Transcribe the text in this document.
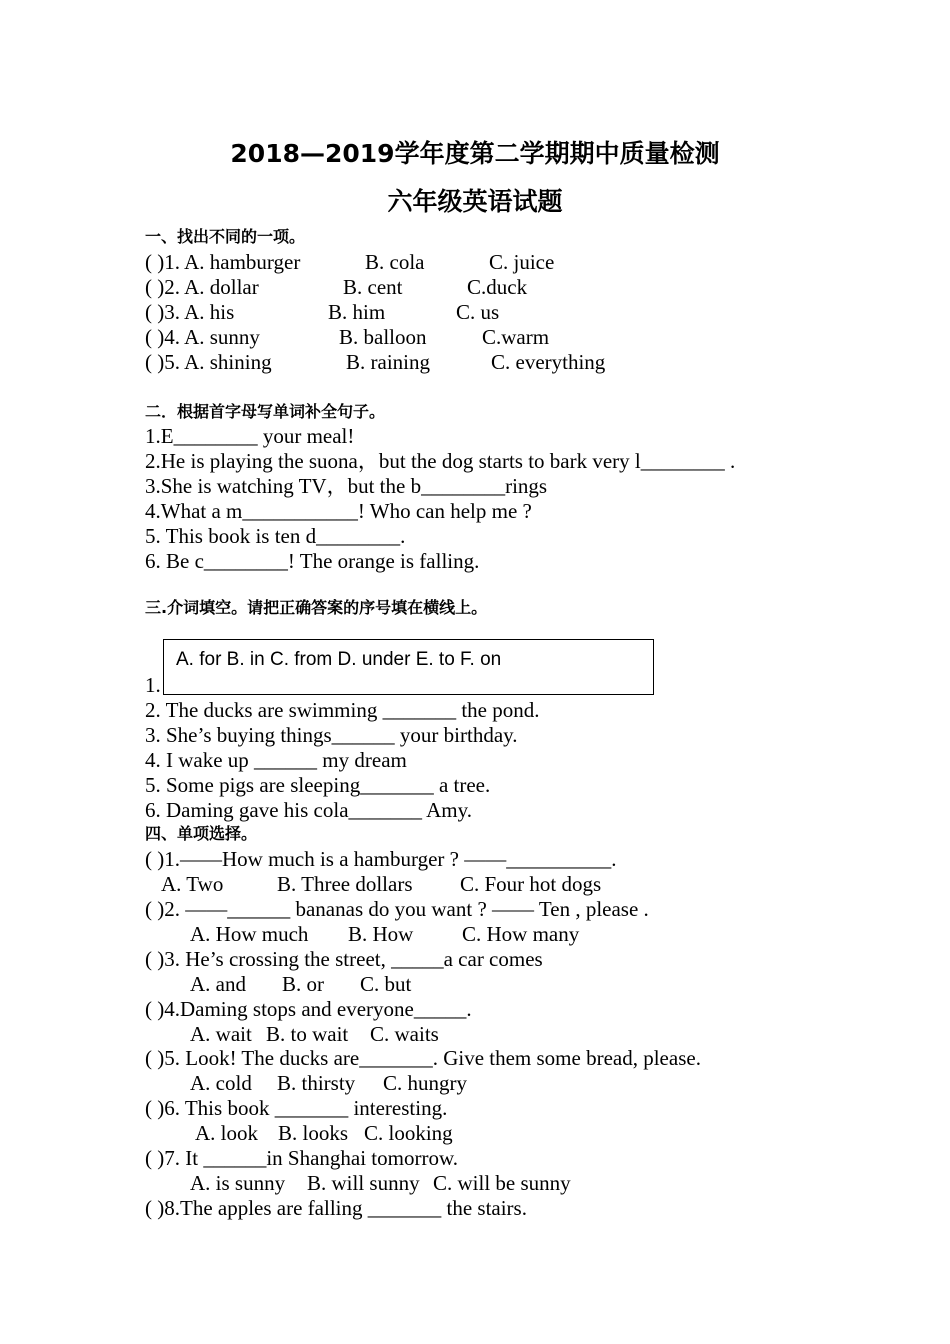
2018—2019学年度第二学期期中质量检测
六年级英语试题
一、找出不同的一项。
( )1. A. hamburger	B. cola	C. juice
( )2. A. dollar	B. cent	C.duck
( )3. A. his	B. him	C. us
( )4. A. sunny	B. balloon	C.warm
( )5. A. shining	B. raining	C. everything
二．根据首字母写单词补全句子。
1.E________ your meal!
2.He is playing the suona，but the dog starts to bark very l________ .
3.She is watching TV，but the b________rings
4.What a m___________! Who can help me ?
5. This book is ten d________.
6. Be c________! The orange is falling.
三.介词填空。请把正确答案的序号填在横线上。
A. for B. in C. from D. under E. to F. on
1.
2. The ducks are swimming _______ the pond.
3. She’s buying things______ your birthday.
4. I wake up ______ my dream
5. Some pigs are sleeping_______ a tree.
6. Daming gave his cola_______ Amy.
四、单项选择。
( )1.——How much is a hamburger ? ——__________.
A. Two	B. Three dollars C. Four hot dogs
( )2. ——______ bananas do you want ? —— Ten , please .
A. How much B. How C. How many
( )3. He’s crossing the street, _____a car comes
A. and B. or C. but
( )4.Daming stops and everyone_____.
A. wait B. to wait C. waits
( )5. Look! The ducks are_______. Give them some bread, please.
A. cold B. thirsty C. hungry
( )6. This book _______ interesting.
A. look B. looks C. looking
( )7. It ______in Shanghai tomorrow.
A. is sunny B. will sunny C. will be sunny
( )8.The apples are falling _______ the stairs.
